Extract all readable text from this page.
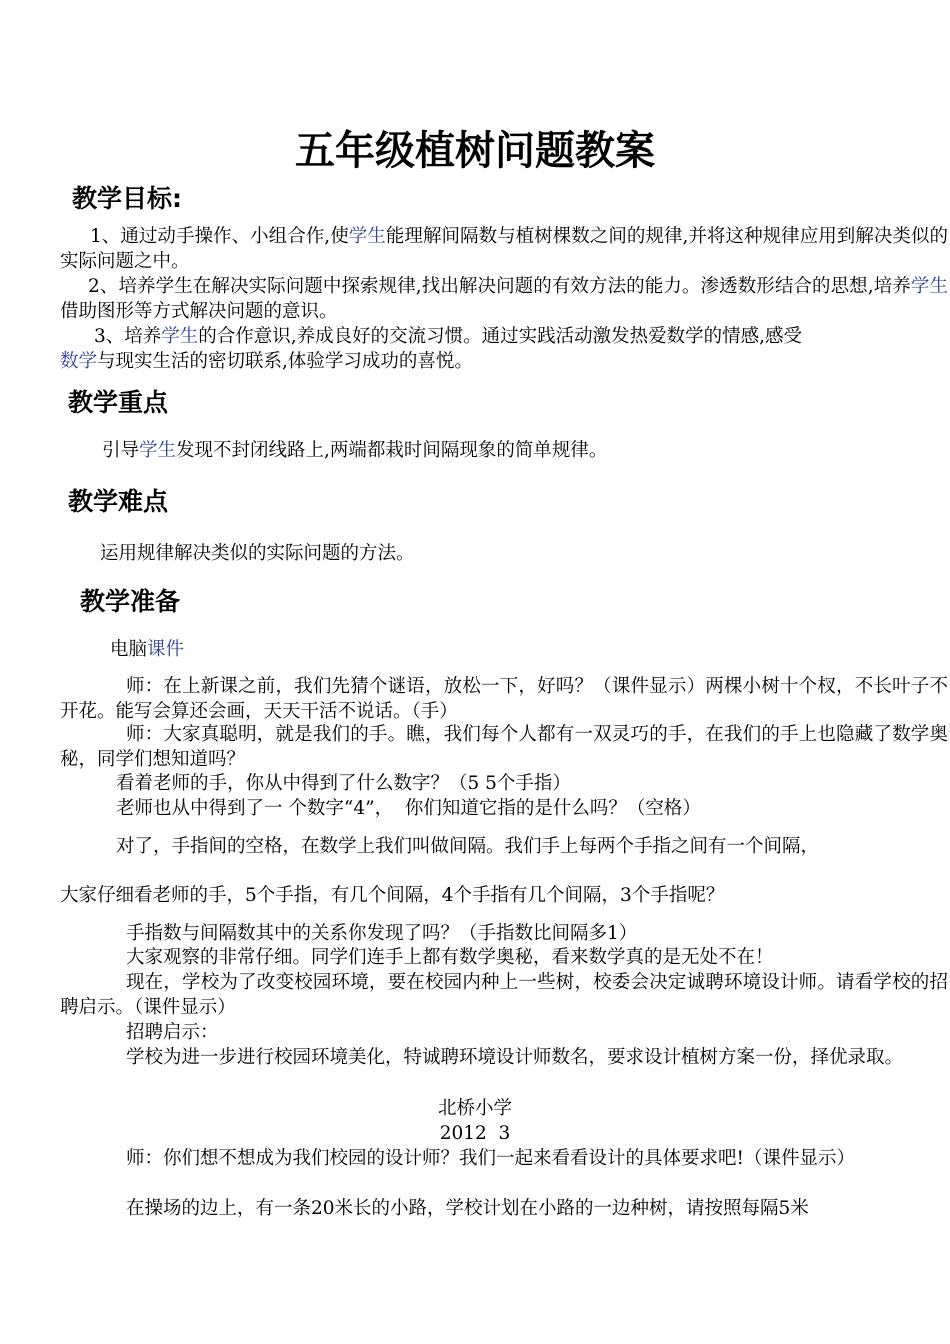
五年级植树问题教案
教学目标:
1、通过动手操作、小组合作,使学生能理解间隔数与植树棵数之间的规律,并将这种规律应用到解决类似的实际问题之中。
2、培养学生在解决实际问题中探索规律,找出解决问题的有效方法的能力。渗透数形结合的思想,培养学生借助图形等方式解决问题的意识。
3、培养学生的合作意识,养成良好的交流习惯。通过实践活动激发热爱数学的情感,感受
数学与现实生活的密切联系,体验学习成功的喜悦。
教学重点
引导学生发现不封闭线路上,两端都栽时间隔现象的简单规律。
教学难点
运用规律解决类似的实际问题的方法。
教学准备
电脑课件
师：在上新课之前，我们先猜个谜语，放松一下，好吗？（课件显示）两棵小树十个杈，不长叶子不开花。能写会算还会画，天天干活不说话。（手）
师：大家真聪明，就是我们的手。瞧，我们每个人都有一双灵巧的手，在我们的手上也隐藏了数学奥秘，同学们想知道吗？
看着老师的手，你从中得到了什么数字？（5 5个手指）
老师也从中得到了一 个数字“4”，  你们知道它指的是什么吗？（空格）
对了，手指间的空格，在数学上我们叫做间隔。我们手上每两个手指之间有一个间隔，
大家仔细看老师的手，5个手指，有几个间隔，4个手指有几个间隔，3个手指呢？
手指数与间隔数其中的关系你发现了吗？（手指数比间隔多1）
大家观察的非常仔细。同学们连手上都有数学奥秘，看来数学真的是无处不在！
现在，学校为了改变校园环境，要在校园内种上一些树，校委会决定诚聘环境设计师。请看学校的招聘启示。（课件显示）
招聘启示：
学校为进一步进行校园环境美化，特诚聘环境设计师数名，要求设计植树方案一份，择优录取。
北桥小学
2012  3
师：你们想不想成为我们校园的设计师？我们一起来看看设计的具体要求吧!（课件显示）
在操场的边上，有一条20米长的小路，学校计划在小路的一边种树，请按照每隔5米
